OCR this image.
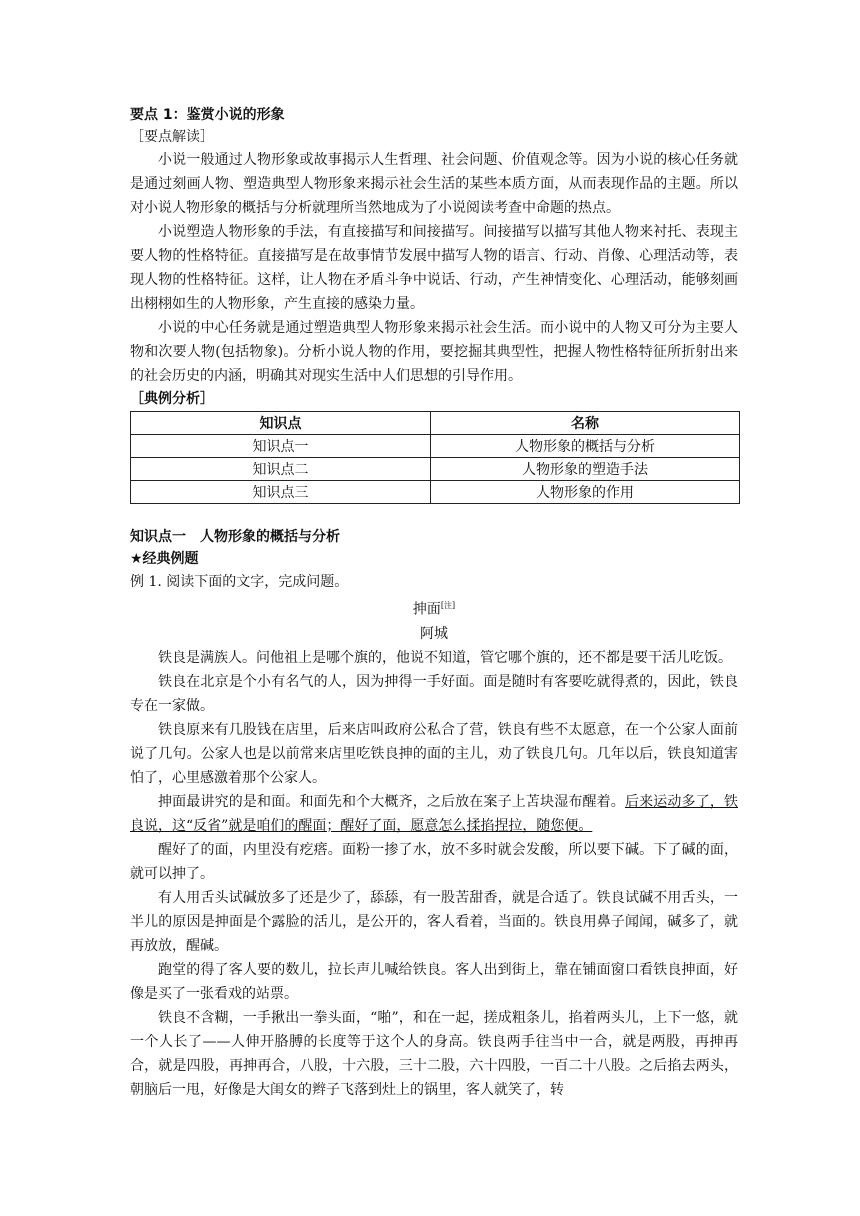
要点 1：鉴赏小说的形象
［要点解读］

小说一般通过人物形象或故事揭示人生哲理、社会问题、价值观念等。因为小说的核心任务就是通过刻画人物、塑造典型人物形象来揭示社会生活的某些本质方面，从而表现作品的主题。所以对小说人物形象的概括与分析就理所当然地成为了小说阅读考查中命题的热点。

小说塑造人物形象的手法，有直接描写和间接描写。间接描写以描写其他人物来衬托、表现主要人物的性格特征。直接描写是在故事情节发展中描写人物的语言、行动、肖像、心理活动等，表现人物的性格特征。这样，让人物在矛盾斗争中说话、行动，产生神情变化、心理活动，能够刻画出栩栩如生的人物形象，产生直接的感染力量。

小说的中心任务就是通过塑造典型人物形象来揭示社会生活。而小说中的人物又可分为主要人物和次要人物(包括物象)。分析小说人物的作用，要挖掘其典型性，把握人物性格特征所折射出来的社会历史的内涵，明确其对现实生活中人们思想的引导作用。

［典例分析］
知识点	名称
知识点一	人物形象的概括与分析
知识点二	人物形象的塑造手法
知识点三	人物形象的作用
知识点一　人物形象的概括与分析
★经典例题

例 1. 阅读下面的文字，完成问题。

抻面[注]

阿城

铁良是满族人。问他祖上是哪个旗的，他说不知道，管它哪个旗的，还不都是要干活儿吃饭。

铁良在北京是个小有名气的人，因为抻得一手好面。面是随时有客要吃就得煮的，因此，铁良专在一家做。

铁良原来有几股钱在店里，后来店叫政府公私合了营，铁良有些不太愿意，在一个公家人面前说了几句。公家人也是以前常来店里吃铁良抻的面的主儿，劝了铁良几句。几年以后，铁良知道害怕了，心里感激着那个公家人。

抻面最讲究的是和面。和面先和个大概齐，之后放在案子上苫块湿布醒着。后来运动多了，铁良说，这“反省”就是咱们的醒面；醒好了面，愿意怎么揉掐捏拉，随您便。

醒好了的面，内里没有疙瘩。面粉一掺了水，放不多时就会发酸，所以要下碱。下了碱的面，就可以抻了。

有人用舌头试碱放多了还是少了，舔舔，有一股苦甜香，就是合适了。铁良试碱不用舌头，一半儿的原因是抻面是个露脸的活儿，是公开的，客人看着，当面的。铁良用鼻子闻闻，碱多了，就再放放，醒碱。

跑堂的得了客人要的数儿，拉长声儿喊给铁良。客人出到街上，靠在铺面窗口看铁良抻面，好像是买了一张看戏的站票。

铁良不含糊，一手揪出一拳头面，“啪”，和在一起，搓成粗条儿，掐着两头儿，上下一悠，就一个人长了——人伸开胳膊的长度等于这个人的身高。铁良两手往当中一合，就是两股，再抻再合，就是四股，再抻再合，八股，十六股，三十二股，六十四股，一百二十八股。之后掐去两头，朝脑后一甩，好像是大闺女的辫子飞落到灶上的锅里，客人就笑了，转
